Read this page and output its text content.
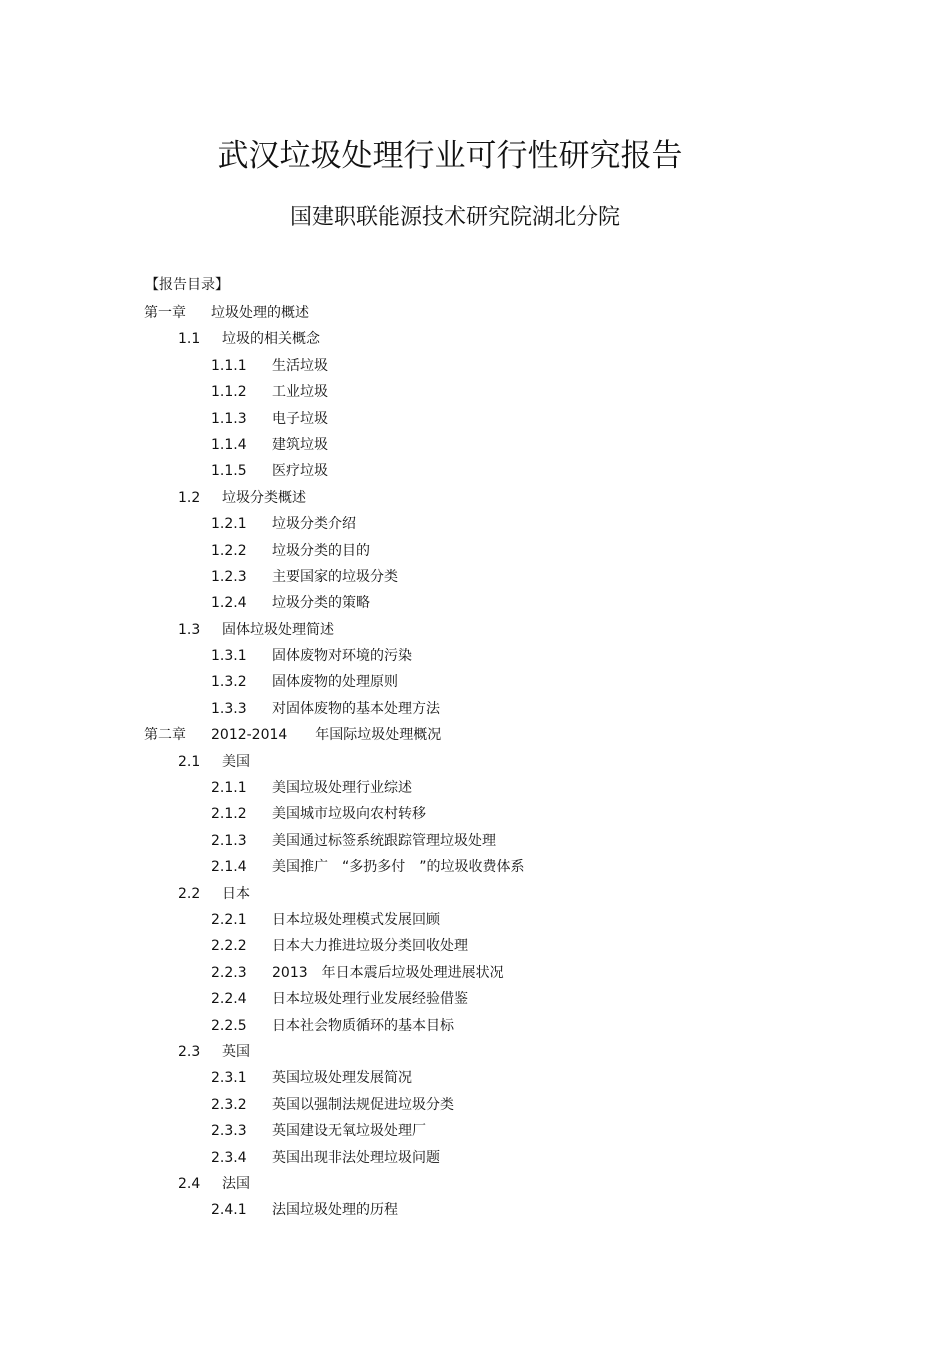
武汉垃圾处理行业可行性研究报告
国建职联能源技术研究院湖北分院
【报告目录】
第一章 垃圾处理的概述
1.1 垃圾的相关概念
1.1.1 生活垃圾
1.1.2 工业垃圾
1.1.3 电子垃圾
1.1.4 建筑垃圾
1.1.5 医疗垃圾
1.2 垃圾分类概述
1.2.1 垃圾分类介绍
1.2.2 垃圾分类的目的
1.2.3 主要国家的垃圾分类
1.2.4 垃圾分类的策略
1.3 固体垃圾处理简述
1.3.1 固体废物对环境的污染
1.3.2 固体废物的处理原则
1.3.3 对固体废物的基本处理方法
第二章 2012-2014　　年国际垃圾处理概况
2.1 美国
2.1.1 美国垃圾处理行业综述
2.1.2 美国城市垃圾向农村转移
2.1.3 美国通过标签系统跟踪管理垃圾处理
2.1.4 美国推广　“多扔多付　”的垃圾收费体系
2.2 日本
2.2.1 日本垃圾处理模式发展回顾
2.2.2 日本大力推进垃圾分类回收处理
2.2.3 2013　年日本震后垃圾处理进展状况
2.2.4 日本垃圾处理行业发展经验借鉴
2.2.5 日本社会物质循环的基本目标
2.3 英国
2.3.1 英国垃圾处理发展简况
2.3.2 英国以强制法规促进垃圾分类
2.3.3 英国建设无氧垃圾处理厂
2.3.4 英国出现非法处理垃圾问题
2.4 法国
2.4.1 法国垃圾处理的历程
